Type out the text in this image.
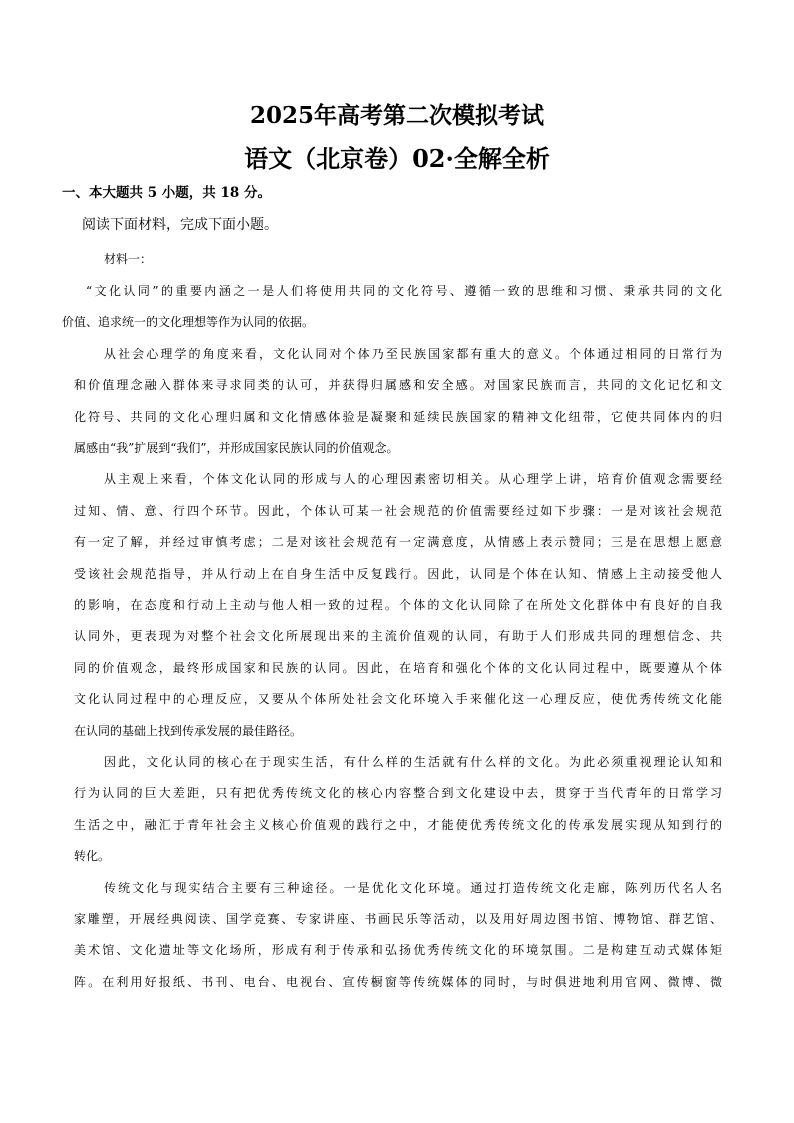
2025年高考第二次模拟考试
语文（北京卷）02·全解全析
一、本大题共 5 小题，共 18 分。
阅读下面材料，完成下面小题。
材料一：
“文化认同”的重要内涵之一是人们将使用共同的文化符号、遵循一致的思维和习惯、秉承共同的文化
价值、追求统一的文化理想等作为认同的依据。
从社会心理学的角度来看，文化认同对个体乃至民族国家都有重大的意义。个体通过相同的日常行为
和价值理念融入群体来寻求同类的认可，并获得归属感和安全感。对国家民族而言，共同的文化记忆和文
化符号、共同的文化心理归属和文化情感体验是凝聚和延续民族国家的精神文化纽带，它使共同体内的归
属感由“我”扩展到“我们”，并形成国家民族认同的价值观念。
从主观上来看，个体文化认同的形成与人的心理因素密切相关。从心理学上讲，培育价值观念需要经
过知、情、意、行四个环节。因此，个体认可某一社会规范的价值需要经过如下步骤：一是对该社会规范
有一定了解，并经过审慎考虑；二是对该社会规范有一定满意度，从情感上表示赞同；三是在思想上愿意
受该社会规范指导，并从行动上在自身生活中反复践行。因此，认同是个体在认知、情感上主动接受他人
的影响，在态度和行动上主动与他人相一致的过程。个体的文化认同除了在所处文化群体中有良好的自我
认同外，更表现为对整个社会文化所展现出来的主流价值观的认同，有助于人们形成共同的理想信念、共
同的价值观念，最终形成国家和民族的认同。因此，在培育和强化个体的文化认同过程中，既要遵从个体
文化认同过程中的心理反应，又要从个体所处社会文化环境入手来催化这一心理反应，使优秀传统文化能
在认同的基础上找到传承发展的最佳路径。
因此，文化认同的核心在于现实生活，有什么样的生活就有什么样的文化。为此必须重视理论认知和
行为认同的巨大差距，只有把优秀传统文化的核心内容整合到文化建设中去，贯穿于当代青年的日常学习
生活之中，融汇于青年社会主义核心价值观的践行之中，才能使优秀传统文化的传承发展实现从知到行的
转化。
传统文化与现实结合主要有三种途径。一是优化文化环境。通过打造传统文化走廊，陈列历代名人名
家雕塑，开展经典阅读、国学竞赛、专家讲座、书画民乐等活动，以及用好周边图书馆、博物馆、群艺馆、
美术馆、文化遗址等文化场所，形成有利于传承和弘扬优秀传统文化的环境氛围。二是构建互动式媒体矩
阵。在利用好报纸、书刊、电台、电视台、宣传橱窗等传统媒体的同时，与时俱进地利用官网、微博、微
